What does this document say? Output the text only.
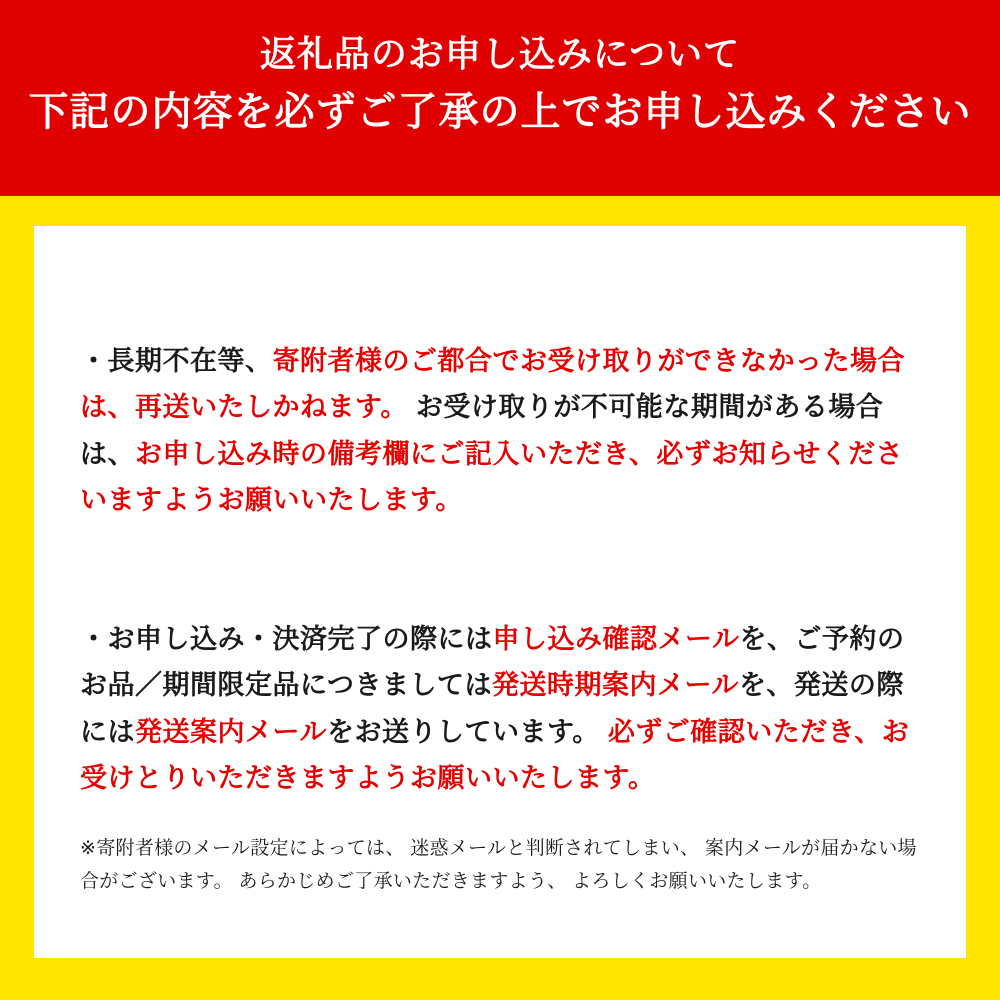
返礼品のお申し込みについて
下記の内容を必ずご了承の上でお申し込みください

・長期不在等、寄附者様のご都合でお受け取りができなかった場合は、再送いたしかねます。 お受け取りが不可能な期間がある場合は、お申し込み時の備考欄にご記入いただき、必ずお知らせくださいますようお願いいたします。

・お申し込み・決済完了の際には申し込み確認メールを、ご予約のお品／期間限定品につきましては発送時期案内メールを、発送の際には発送案内メールをお送りしています。 必ずご確認いただき、お受けとりいただきますようお願いいたします。

※寄附者様のメール設定によっては、 迷惑メールと判断されてしまい、 案内メールが届かない場合がございます。 あらかじめご了承いただきますよう、 よろしくお願いいたします。
